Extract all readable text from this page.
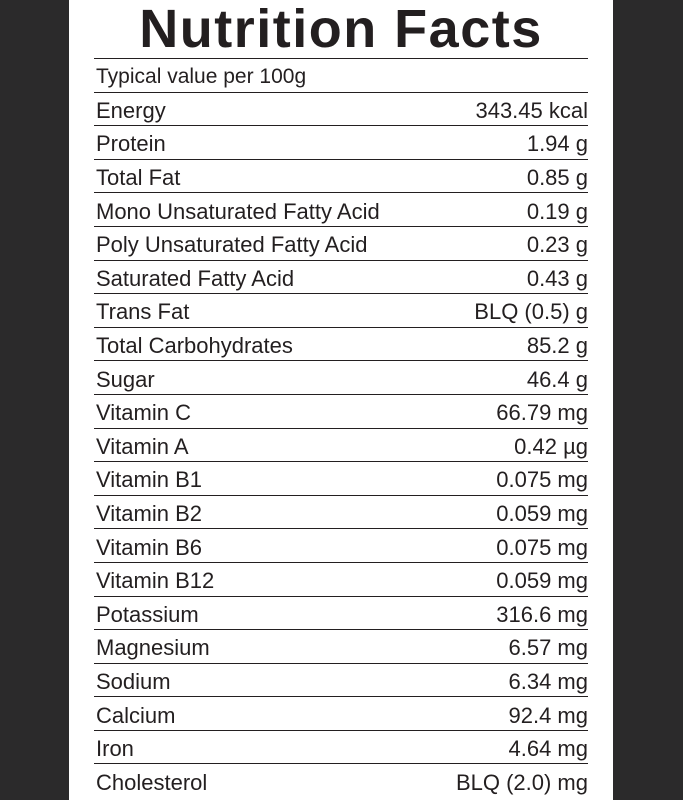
Nutrition Facts
Typical value per 100g
Energy	343.45 kcal
Protein	1.94 g
Total Fat	0.85 g
Mono Unsaturated Fatty Acid	0.19 g
Poly Unsaturated Fatty Acid	0.23 g
Saturated Fatty Acid	0.43 g
Trans Fat	BLQ (0.5) g
Total Carbohydrates	85.2 g
Sugar	46.4 g
Vitamin C	66.79 mg
Vitamin A	0.42 µg
Vitamin B1	0.075 mg
Vitamin B2	0.059 mg
Vitamin B6	0.075 mg
Vitamin B12	0.059 mg
Potassium	316.6 mg
Magnesium	6.57 mg
Sodium	6.34 mg
Calcium	92.4 mg
Iron	4.64 mg
Cholesterol	BLQ (2.0) mg
